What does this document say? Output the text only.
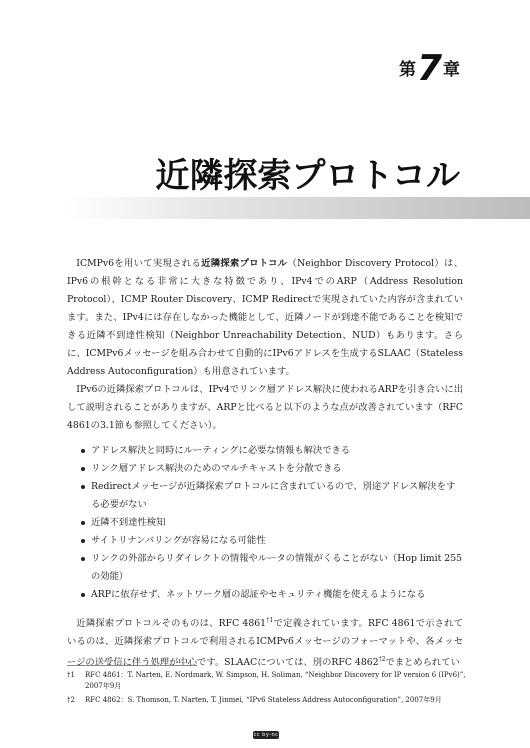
第7章
近隣探索プロトコル

ICMPv6を用いて実現される近隣探索プロトコル（Neighbor Discovery Protocol）は、IPv6の根幹となる非常に大きな特徴であり、IPv4でのARP（Address Resolution Protocol）、ICMP Router Discovery、ICMP Redirectで実現されていた内容が含まれています。また、IPv4には存在しなかった機能として、近隣ノードが到達不能であることを検知できる近隣不到達性検知（Neighbor Unreachability Detection、NUD）もあります。さらに、ICMPv6メッセージを組み合わせて自動的にIPv6アドレスを生成するSLAAC（Stateless Address Autoconfiguration）も用意されています。

IPv6の近隣探索プロトコルは、IPv4でリンク層アドレス解決に使われるARPを引き合いに出して説明されることがありますが、ARPと比べると以下のような点が改善されています（RFC 4861の3.1節も参照してください）。

アドレス解決と同時にルーティングに必要な情報も解決できる
リンク層アドレス解決のためのマルチキャストを分散できる
Redirectメッセージが近隣探索プロトコルに含まれているので、別途アドレス解決をする必要がない
近隣不到達性検知
サイトリナンバリングが容易になる可能性
リンクの外部からリダイレクトの情報やルータの情報がくることがない（Hop limit 255の効能）
ARPに依存せず、ネットワーク層の認証やセキュリティ機能を使えるようになる

近隣探索プロトコルそのものは、RFC 4861$^{\dagger 1}$で定義されています。RFC 4861で示されているのは、近隣探索プロトコルで利用されるICMPv6メッセージのフォーマットや、各メッセージの送受信に伴う処理が中心です。SLAACについては、別のRFC 4862$^{\dagger 2}$でまとめられてい

†1	RFC 4861：T. Narten, E. Nordmark, W. Simpson, H. Soliman, “Neighbor Discovery for IP version 6 (IPv6)”, 2007年9月
†2	RFC 4862：S. Thomson, T. Narten, T. Jinmei, “IPv6 Stateless Address Autoconfiguration”, 2007年9月
cc by-nc
